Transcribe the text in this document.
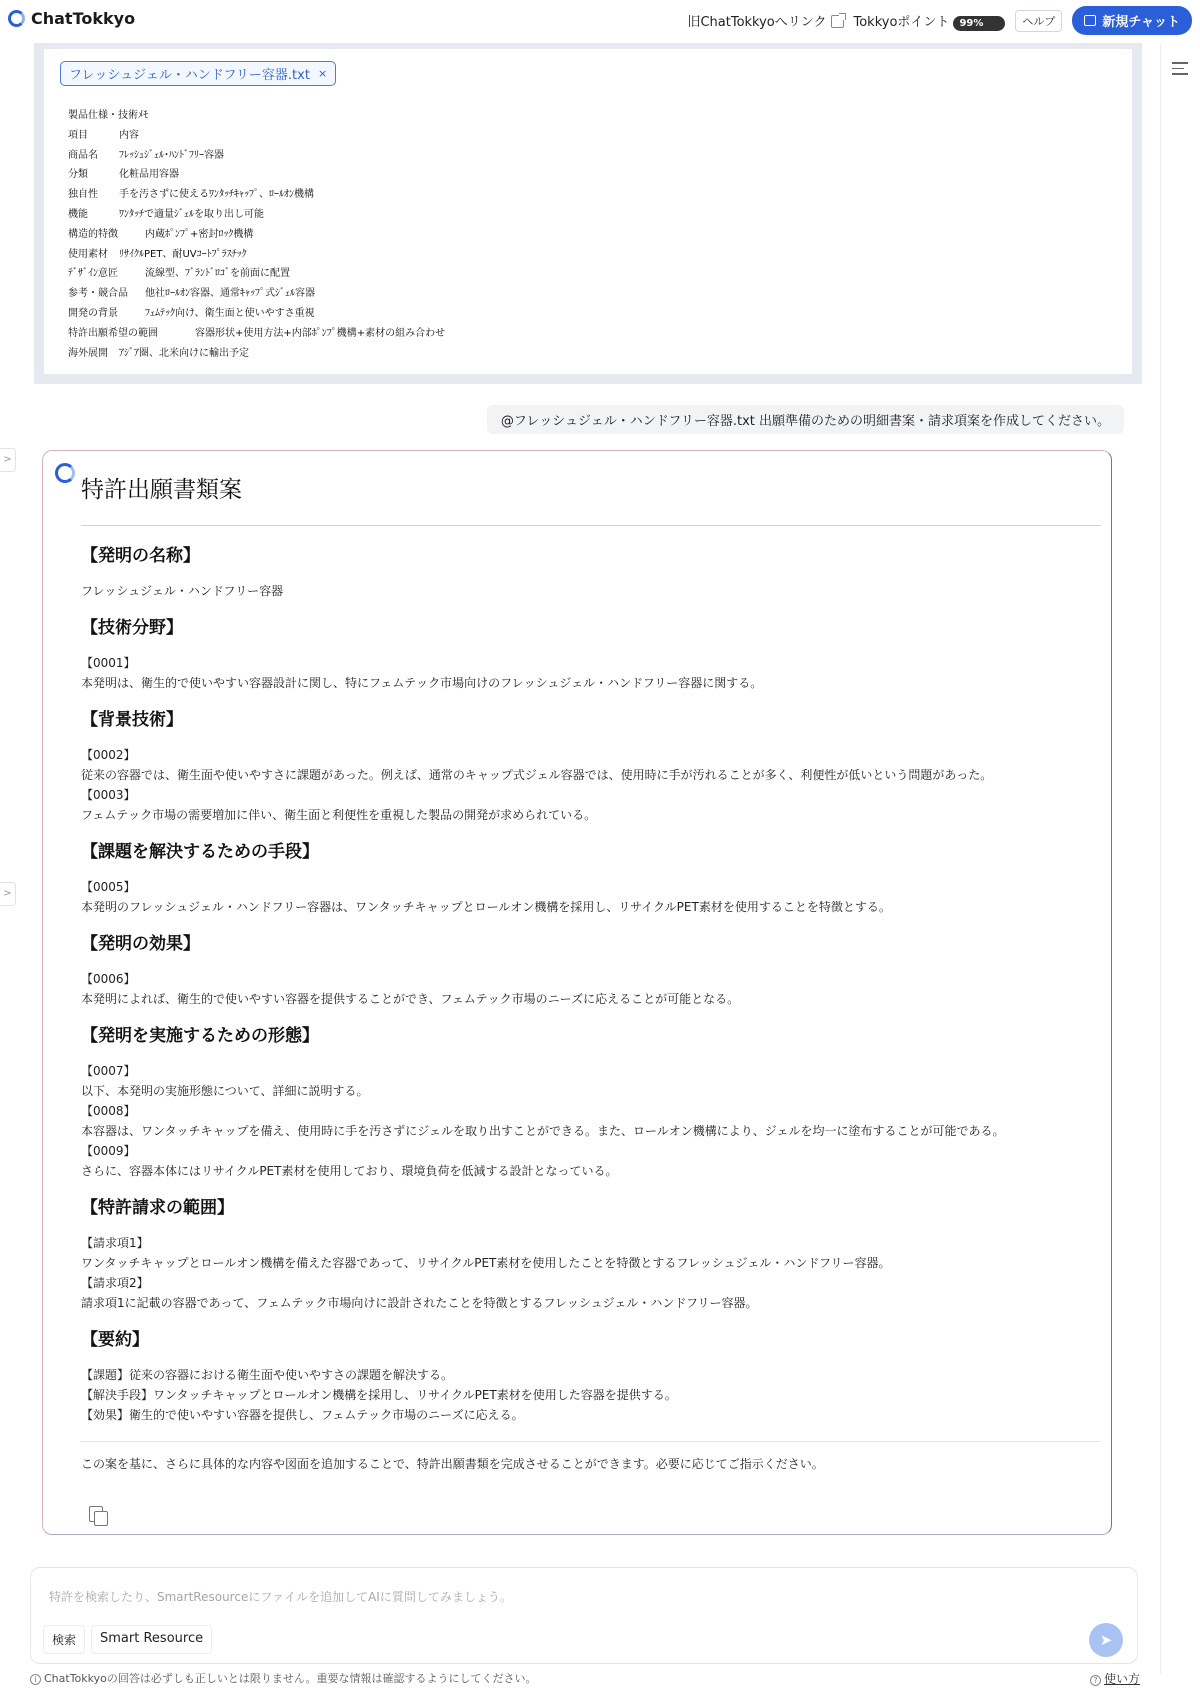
ChatTokkyo	旧ChatTokkyoへリンク	Tokkyoポイント 99%	ヘルプ	新規チャット
>
>
フレッシュジェル・ハンドフリー容器.txt ×
製品仕様・技術ﾒﾓ
項目	内容
商品名 ﾌﾚｯｼｭｼﾞｪﾙ･ﾊﾝﾄﾞﾌﾘｰ容器
分類	化粧品用容器
独自性 手を汚さずに使えるﾜﾝﾀｯﾁｷｬｯﾌﾟ、ﾛｰﾙｵﾝ機構
機能	ﾜﾝﾀｯﾁで適量ｼﾞｪﾙを取り出し可能
構造的特徴	内蔵ﾎﾟﾝﾌﾟ+密封ﾛｯｸ機構
使用素材 ﾘｻｲｸﾙPET、耐UVｺｰﾄﾌﾟﾗｽﾁｯｸ
ﾃﾞｻﾞｲﾝ意匠	流線型、ﾌﾞﾗﾝﾄﾞﾛｺﾞを前面に配置
参考・競合品 他社ﾛｰﾙｵﾝ容器、通常ｷｬｯﾌﾟ式ｼﾞｪﾙ容器
開発の背景	ﾌｪﾑﾃｯｸ向け、衛生面と使いやすさ重視
特許出願希望の範囲	容器形状+使用方法+内部ﾎﾟﾝﾌﾟ機構+素材の組み合わせ
海外展開 ｱｼﾞｱ圏、北米向けに輸出予定
@フレッシュジェル・ハンドフリー容器.txt 出願準備のための明細書案・請求項案を作成してください。
特許出願書類案
【発明の名称】
フレッシュジェル・ハンドフリー容器
【技術分野】
【0001】
本発明は、衛生的で使いやすい容器設計に関し、特にフェムテック市場向けのフレッシュジェル・ハンドフリー容器に関する。
【背景技術】
【0002】
従来の容器では、衛生面や使いやすさに課題があった。例えば、通常のキャップ式ジェル容器では、使用時に手が汚れることが多く、利便性が低いという問題があった。
【0003】
フェムテック市場の需要増加に伴い、衛生面と利便性を重視した製品の開発が求められている。
【課題を解決するための手段】
【0005】
本発明のフレッシュジェル・ハンドフリー容器は、ワンタッチキャップとロールオン機構を採用し、リサイクルPET素材を使用することを特徴とする。
【発明の効果】
【0006】
本発明によれば、衛生的で使いやすい容器を提供することができ、フェムテック市場のニーズに応えることが可能となる。
【発明を実施するための形態】
【0007】
以下、本発明の実施形態について、詳細に説明する。
【0008】
本容器は、ワンタッチキャップを備え、使用時に手を汚さずにジェルを取り出すことができる。また、ロールオン機構により、ジェルを均一に塗布することが可能である。
【0009】
さらに、容器本体にはリサイクルPET素材を使用しており、環境負荷を低減する設計となっている。
【特許請求の範囲】
【請求項1】
ワンタッチキャップとロールオン機構を備えた容器であって、リサイクルPET素材を使用したことを特徴とするフレッシュジェル・ハンドフリー容器。
【請求項2】
請求項1に記載の容器であって、フェムテック市場向けに設計されたことを特徴とするフレッシュジェル・ハンドフリー容器。
【要約】
【課題】従来の容器における衛生面や使いやすさの課題を解決する。
【解決手段】ワンタッチキャップとロールオン機構を採用し、リサイクルPET素材を使用した容器を提供する。
【効果】衛生的で使いやすい容器を提供し、フェムテック市場のニーズに応える。
この案を基に、さらに具体的な内容や図面を追加することで、特許出願書類を完成させることができます。必要に応じてご指示ください。
特許を検索したり、SmartResourceにファイルを追加してAIに質問してみましょう。
検索	Smart Resource	➤
i ChatTokkyoの回答は必ずしも正しいとは限りません。重要な情報は確認するようにしてください。	? 使い方
